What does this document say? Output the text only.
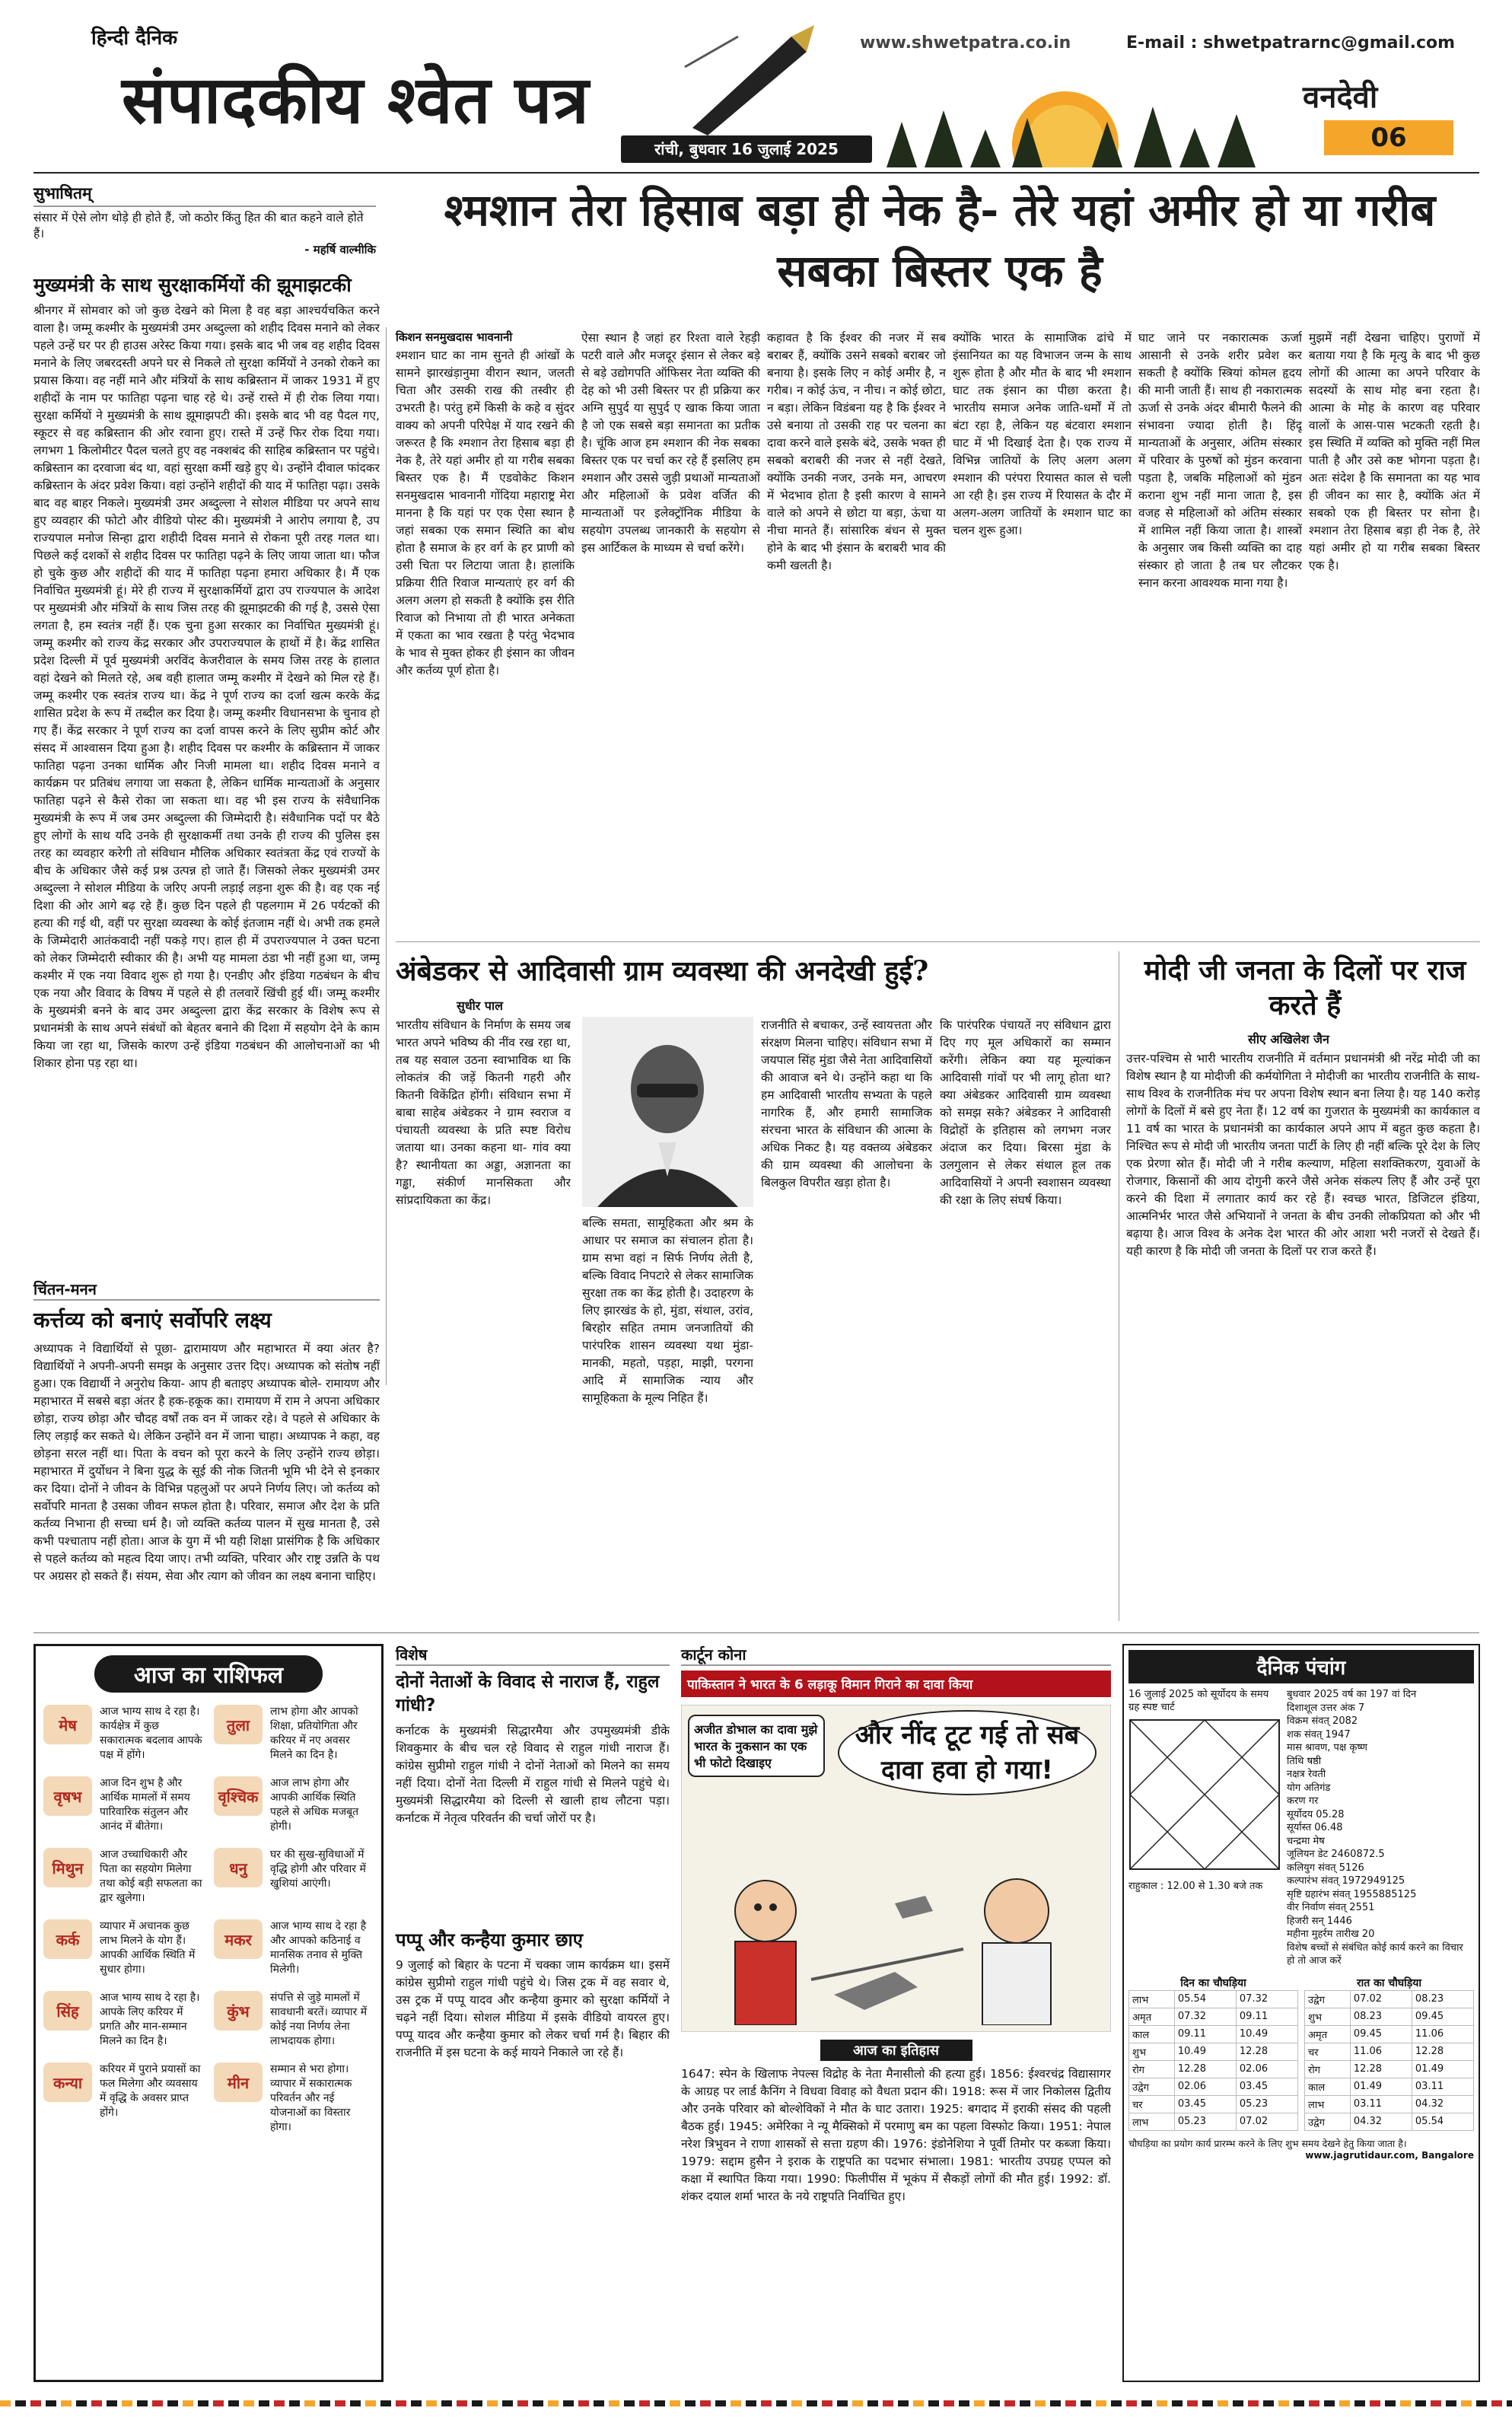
हिन्दी दैनिक
संपादकीय श्वेत पत्र
रांची, बुधवार 16 जुलाई 2025
www.shwetpatra.co.in	E-mail : shwetpatrarnc@gmail.com
वनदेवी
06
सुभाषितम्
संसार में ऐसे लोग थोड़े ही होते हैं, जो कठोर किंतु हित की बात कहने वाले होते हैं।
- महर्षि वाल्मीकि
श्मशान तेरा हिसाब बड़ा ही नेक है- तेरे यहां अमीर हो या गरीब सबका बिस्तर एक है
मुख्यमंत्री के साथ सुरक्षाकर्मियों की झूमाझटकी
श्रीनगर में सोमवार को जो कुछ देखने को मिला है वह बड़ा आश्चर्यचकित करने वाला है। जम्मू कश्मीर के मुख्यमंत्री उमर अब्दुल्ला को शहीद दिवस मनाने को लेकर पहले उन्हें घर पर ही हाउस अरेस्ट किया गया। इसके बाद भी जब वह शहीद दिवस मनाने के लिए जबरदस्ती अपने घर से निकले तो सुरक्षा कर्मियों ने उनको रोकने का प्रयास किया। वह नहीं माने और मंत्रियों के साथ कब्रिस्तान में जाकर 1931 में हुए शहीदों के नाम पर फातिहा पढ़ना चाह रहे थे। उन्हें रास्ते में ही रोक लिया गया। सुरक्षा कर्मियों ने मुख्यमंत्री के साथ झूमाझपटी की। इसके बाद भी वह पैदल गए, स्कूटर से वह कब्रिस्तान की ओर रवाना हुए। रास्ते में उन्हें फिर रोक दिया गया। लगभग 1 किलोमीटर पैदल चलते हुए वह नक्शबंद की साहिब कब्रिस्तान पर पहुंचे। कब्रिस्तान का दरवाजा बंद था, वहां सुरक्षा कर्मी खड़े हुए थे। उन्होंने दीवाल फांदकर कब्रिस्तान के अंदर प्रवेश किया। वहां उन्होंने शहीदों की याद में फातिहा पढ़ा। उसके बाद वह बाहर निकले। मुख्यमंत्री उमर अब्दुल्ला ने सोशल मीडिया पर अपने साथ हुए व्यवहार की फोटो और वीडियो पोस्ट की। मुख्यमंत्री ने आरोप लगाया है, उप राज्यपाल मनोज सिन्हा द्वारा शहीदी दिवस मनाने से रोकना पूरी तरह गलत था। पिछले कई दशकों से शहीद दिवस पर फातिहा पढ़ने के लिए जाया जाता था। फौज हो चुके कुछ और शहीदों की याद में फातिहा पढ़ना हमारा अधिकार है। मैं एक निर्वाचित मुख्यमंत्री हूं। मेरे ही राज्य में सुरक्षाकर्मियों द्वारा उप राज्यपाल के आदेश पर मुख्यमंत्री और मंत्रियों के साथ जिस तरह की झूमाझटकी की गई है, उससे ऐसा लगता है, हम स्वतंत्र नहीं हैं। एक चुना हुआ सरकार का निर्वाचित मुख्यमंत्री हूं। जम्मू कश्मीर को राज्य केंद्र सरकार और उपराज्यपाल के हाथों में है। केंद्र शासित प्रदेश दिल्ली में पूर्व मुख्यमंत्री अरविंद केजरीवाल के समय जिस तरह के हालात वहां देखने को मिलते रहे, अब वही हालात जम्मू कश्मीर में देखने को मिल रहे हैं। जम्मू कश्मीर एक स्वतंत्र राज्य था। केंद्र ने पूर्ण राज्य का दर्जा खत्म करके केंद्र शासित प्रदेश के रूप में तब्दील कर दिया है। जम्मू कश्मीर विधानसभा के चुनाव हो गए हैं। केंद्र सरकार ने पूर्ण राज्य का दर्जा वापस करने के लिए सुप्रीम कोर्ट और संसद में आश्वासन दिया हुआ है। शहीद दिवस पर कश्मीर के कब्रिस्तान में जाकर फातिहा पढ़ना उनका धार्मिक और निजी मामला था। शहीद दिवस मनाने व कार्यक्रम पर प्रतिबंध लगाया जा सकता है, लेकिन धार्मिक मान्यताओं के अनुसार फातिहा पढ़ने से कैसे रोका जा सकता था। वह भी इस राज्य के संवैधानिक मुख्यमंत्री के रूप में जब उमर अब्दुल्ला की जिम्मेदारी है। संवैधानिक पदों पर बैठे हुए लोगों के साथ यदि उनके ही सुरक्षाकर्मी तथा उनके ही राज्य की पुलिस इस तरह का व्यवहार करेगी तो संविधान मौलिक अधिकार स्वतंत्रता केंद्र एवं राज्यों के बीच के अधिकार जैसे कई प्रश्न उत्पन्न हो जाते हैं। जिसको लेकर मुख्यमंत्री उमर अब्दुल्ला ने सोशल मीडिया के जरिए अपनी लड़ाई लड़ना शुरू की है। वह एक नई दिशा की ओर आगे बढ़ रहे हैं। कुछ दिन पहले ही पहलगाम में 26 पर्यटकों की हत्या की गई थी, वहीं पर सुरक्षा व्यवस्था के कोई इंतजाम नहीं थे। अभी तक हमले के जिम्मेदारी आतंकवादी नहीं पकड़े गए। हाल ही में उपराज्यपाल ने उक्त घटना को लेकर जिम्मेदारी स्वीकार की है। अभी यह मामला ठंडा भी नहीं हुआ था, जम्मू कश्मीर में एक नया विवाद शुरू हो गया है। एनडीए और इंडिया गठबंधन के बीच एक नया और विवाद के विषय में पहले से ही तलवारें खिंची हुई थीं। जम्मू कश्मीर के मुख्यमंत्री बनने के बाद उमर अब्दुल्ला द्वारा केंद्र सरकार के विशेष रूप से प्रधानमंत्री के साथ अपने संबंधों को बेहतर बनाने की दिशा में सहयोग देने के काम किया जा रहा था, जिसके कारण उन्हें इंडिया गठबंधन की आलोचनाओं का भी शिकार होना पड़ रहा था।
किशन सनमुखदास भावनानी
श्मशान घाट का नाम सुनते ही आंखों के सामने झारखंड़ानुमा वीरान स्थान, जलती चिता और उसकी राख की तस्वीर ही उभरती है। परंतु हमें किसी के कहे व सुंदर वाक्य को अपनी परिपेक्ष में याद रखने की जरूरत है कि श्मशान तेरा हिसाब बड़ा ही नेक है, तेरे यहां अमीर हो या गरीब सबका बिस्तर एक है। मैं एडवोकेट किशन सनमुखदास भावनानी गोंदिया महाराष्ट्र मेरा मानना है कि यहां पर एक ऐसा स्थान है जहां सबका एक समान स्थिति का बोध होता है समाज के हर वर्ग के हर प्राणी को उसी चिता पर लिटाया जाता है। हालांकि प्रक्रिया रीति रिवाज मान्यताएं हर वर्ग की अलग अलग हो सकती है क्योंकि इस रीति रिवाज को निभाया तो ही भारत अनेकता में एकता का भाव रखता है परंतु भेदभाव के भाव से मुक्त होकर ही इंसान का जीवन और कर्तव्य पूर्ण होता है।
ऐसा स्थान है जहां हर रिश्ता वाले रेहड़ी पटरी वाले और मजदूर इंसान से लेकर बड़े से बड़े उद्योगपति ऑफिसर नेता व्यक्ति की देह को भी उसी बिस्तर पर ही प्रक्रिया कर अग्नि सुपुर्द या सुपुर्द ए खाक किया जाता है जो एक सबसे बड़ा समानता का प्रतीक है। चूंकि आज हम श्मशान की नेक सबका बिस्तर एक पर चर्चा कर रहे हैं इसलिए हम श्मशान और उससे जुड़ी प्रथाओं मान्यताओं और महिलाओं के प्रवेश वर्जित की मान्यताओं पर इलेक्ट्रॉनिक मीडिया के सहयोग उपलब्ध जानकारी के सहयोग से इस आर्टिकल के माध्यम से चर्चा करेंगे।
कहावत है कि ईश्वर की नजर में सब बराबर हैं, क्योंकि उसने सबको बराबर जो बनाया है। इसके लिए न कोई अमीर है, न गरीब। न कोई ऊंच, न नीच। न कोई छोटा, न बड़ा। लेकिन विडंबना यह है कि ईश्वर ने उसे बनाया तो उसकी राह पर चलना का दावा करने वाले इसके बंदे, उसके भक्त ही सबको बराबरी की नजर से नहीं देखते, क्योंकि उनकी नजर, उनके मन, आचरण में भेदभाव होता है इसी कारण वे सामने वाले को अपने से छोटा या बड़ा, ऊंचा या नीचा मानते हैं। सांसारिक बंधन से मुक्त होने के बाद भी इंसान के बराबरी भाव की कमी खलती है।
क्योंकि भारत के सामाजिक ढांचे में इंसानियत का यह विभाजन जन्म के साथ शुरू होता है और मौत के बाद भी श्मशान घाट तक इंसान का पीछा करता है। भारतीय समाज अनेक जाति-धर्मों में तो बंटा रहा है, लेकिन यह बंटवारा श्मशान घाट में भी दिखाई देता है। एक राज्य में विभिन्न जातियों के लिए अलग अलग श्मशान की परंपरा रियासत काल से चली आ रही है। इस राज्य में रियासत के दौर में अलग-अलग जातियों के श्मशान घाट का चलन शुरू हुआ।
घाट जाने पर नकारात्मक ऊर्जा आसानी से उनके शरीर प्रवेश कर सकती है क्योंकि स्त्रियां कोमल हृदय की मानी जाती हैं। साथ ही नकारात्मक ऊर्जा से उनके अंदर बीमारी फैलने की संभावना ज्यादा होती है। हिंदू मान्यताओं के अनुसार, अंतिम संस्कार में परिवार के पुरुषों को मुंडन करवाना पड़ता है, जबकि महिलाओं को मुंडन कराना शुभ नहीं माना जाता है, इस वजह से महिलाओं को अंतिम संस्कार में शामिल नहीं किया जाता है। शास्त्रों के अनुसार जब किसी व्यक्ति का दाह संस्कार हो जाता है तब घर लौटकर स्नान करना आवश्यक माना गया है।
मुझमें नहीं देखना चाहिए। पुराणों में बताया गया है कि मृत्यु के बाद भी कुछ लोगों की आत्मा का अपने परिवार के सदस्यों के साथ मोह बना रहता है। आत्मा के मोह के कारण वह परिवार वालों के आस-पास भटकती रहती है। इस स्थिति में व्यक्ति को मुक्ति नहीं मिल पाती है और उसे कष्ट भोगना पड़ता है। अतः संदेश है कि समानता का यह भाव ही जीवन का सार है, क्योंकि अंत में सबको एक ही बिस्तर पर सोना है। श्मशान तेरा हिसाब बड़ा ही नेक है, तेरे यहां अमीर हो या गरीब सबका बिस्तर एक है।
अंबेडकर से आदिवासी ग्राम व्यवस्था की अनदेखी हुई?
सुधीर पाल
भारतीय संविधान के निर्माण के समय जब भारत अपने भविष्य की नींव रख रहा था, तब यह सवाल उठना स्वाभाविक था कि लोकतंत्र की जड़ें कितनी गहरी और कितनी विकेंद्रित होंगी। संविधान सभा में बाबा साहेब अंबेडकर ने ग्राम स्वराज व पंचायती व्यवस्था के प्रति स्पष्ट विरोध जताया था। उनका कहना था- गांव क्या है? स्थानीयता का अड्डा, अज्ञानता का गड्ढा, संकीर्ण मानसिकता और सांप्रदायिकता का केंद्र।
बल्कि समता, सामूहिकता और श्रम के आधार पर समाज का संचालन होता है। ग्राम सभा वहां न सिर्फ निर्णय लेती है, बल्कि विवाद निपटारे से लेकर सामाजिक सुरक्षा तक का केंद्र होती है। उदाहरण के लिए झारखंड के हो, मुंडा, संथाल, उरांव, बिरहोर सहित तमाम जनजातियों की पारंपरिक शासन व्यवस्था यथा मुंडा-मानकी, महतो, पड़हा, माझी, परगना आदि में सामाजिक न्याय और सामूहिकता के मूल्य निहित हैं।
राजनीति से बचाकर, उन्हें स्वायत्तता और संरक्षण मिलना चाहिए। संविधान सभा में जयपाल सिंह मुंडा जैसे नेता आदिवासियों की आवाज बने थे। उन्होंने कहा था कि हम आदिवासी भारतीय सभ्यता के पहले नागरिक हैं, और हमारी सामाजिक संरचना भारत के संविधान की आत्मा के अधिक निकट है। यह वक्तव्य अंबेडकर की ग्राम व्यवस्था की आलोचना के बिलकुल विपरीत खड़ा होता है।
कि पारंपरिक पंचायतें नए संविधान द्वारा दिए गए मूल अधिकारों का सम्मान करेंगी। लेकिन क्या यह मूल्यांकन आदिवासी गांवों पर भी लागू होता था? क्या अंबेडकर आदिवासी ग्राम व्यवस्था को समझ सके? अंबेडकर ने आदिवासी विद्रोहों के इतिहास को लगभग नजर अंदाज कर दिया। बिरसा मुंडा के उलगुलान से लेकर संथाल हूल तक आदिवासियों ने अपनी स्वशासन व्यवस्था की रक्षा के लिए संघर्ष किया।
मोदी जी जनता के दिलों पर राज करते हैं
सीए अखिलेश जैन
उत्तर-पश्चिम से भारी भारतीय राजनीति में वर्तमान प्रधानमंत्री श्री नरेंद्र मोदी जी का विशेष स्थान है या मोदीजी की कर्मयोगिता ने मोदीजी का भारतीय राजनीति के साथ-साथ विश्व के राजनीतिक मंच पर अपना विशेष स्थान बना लिया है। यह 140 करोड़ लोगों के दिलों में बसे हुए नेता हैं। 12 वर्ष का गुजरात के मुख्यमंत्री का कार्यकाल व 11 वर्ष का भारत के प्रधानमंत्री का कार्यकाल अपने आप में बहुत कुछ कहता है। निश्चित रूप से मोदी जी भारतीय जनता पार्टी के लिए ही नहीं बल्कि पूरे देश के लिए एक प्रेरणा स्रोत हैं। मोदी जी ने गरीब कल्याण, महिला सशक्तिकरण, युवाओं के रोजगार, किसानों की आय दोगुनी करने जैसे अनेक संकल्प लिए हैं और उन्हें पूरा करने की दिशा में लगातार कार्य कर रहे हैं। स्वच्छ भारत, डिजिटल इंडिया, आत्मनिर्भर भारत जैसे अभियानों ने जनता के बीच उनकी लोकप्रियता को और भी बढ़ाया है। आज विश्व के अनेक देश भारत की ओर आशा भरी नजरों से देखते हैं। यही कारण है कि मोदी जी जनता के दिलों पर राज करते हैं।
चिंतन-मनन
कर्त्तव्य को बनाएं सर्वोपरि लक्ष्य
अध्यापक ने विद्यार्थियों से पूछा- द्वारामायण और महाभारत में क्या अंतर है? विद्यार्थियों ने अपनी-अपनी समझ के अनुसार उत्तर दिए। अध्यापक को संतोष नहीं हुआ। एक विद्यार्थी ने अनुरोध किया- आप ही बताइए अध्यापक बोले- रामायण और महाभारत में सबसे बड़ा अंतर है हक-हकूक का। रामायण में राम ने अपना अधिकार छोड़ा, राज्य छोड़ा और चौदह वर्षों तक वन में जाकर रहे। वे पहले से अधिकार के लिए लड़ाई कर सकते थे। लेकिन उन्होंने वन में जाना चाहा। अध्यापक ने कहा, वह छोड़ना सरल नहीं था। पिता के वचन को पूरा करने के लिए उन्होंने राज्य छोड़ा। महाभारत में दुर्योधन ने बिना युद्ध के सूई की नोक जितनी भूमि भी देने से इनकार कर दिया। दोनों ने जीवन के विभिन्न पहलुओं पर अपने निर्णय लिए। जो कर्तव्य को सर्वोपरि मानता है उसका जीवन सफल होता है। परिवार, समाज और देश के प्रति कर्तव्य निभाना ही सच्चा धर्म है। जो व्यक्ति कर्तव्य पालन में सुख मानता है, उसे कभी पश्चाताप नहीं होता। आज के युग में भी यही शिक्षा प्रासंगिक है कि अधिकार से पहले कर्तव्य को महत्व दिया जाए। तभी व्यक्ति, परिवार और राष्ट्र उन्नति के पथ पर अग्रसर हो सकते हैं। संयम, सेवा और त्याग को जीवन का लक्ष्य बनाना चाहिए।
आज का राशिफल
मेष
आज भाग्य साथ दे रहा है। कार्यक्षेत्र में कुछ सकारात्मक बदलाव आपके पक्ष में होंगे।
तुला
लाभ होगा और आपको शिक्षा, प्रतियोगिता और करियर में नए अवसर मिलने का दिन है।
वृषभ
आज दिन शुभ है और आर्थिक मामलों में समय पारिवारिक संतुलन और आनंद में बीतेगा।
वृश्चिक
आज लाभ होगा और आपकी आर्थिक स्थिति पहले से अधिक मजबूत होगी।
मिथुन
आज उच्चाधिकारी और पिता का सहयोग मिलेगा तथा कोई बड़ी सफलता का द्वार खुलेगा।
धनु
घर की सुख-सुविधाओं में वृद्धि होगी और परिवार में खुशियां आएंगी।
कर्क
व्यापार में अचानक कुछ लाभ मिलने के योग हैं। आपकी आर्थिक स्थिति में सुधार होगा।
मकर
आज भाग्य साथ दे रहा है और आपको कठिनाई व मानसिक तनाव से मुक्ति मिलेगी।
सिंह
आज भाग्य साथ दे रहा है। आपके लिए करियर में प्रगति और मान-सम्मान मिलने का दिन है।
कुंभ
संपत्ति से जुड़े मामलों में सावधानी बरतें। व्यापार में कोई नया निर्णय लेना लाभदायक होगा।
कन्या
करियर में पुराने प्रयासों का फल मिलेगा और व्यवसाय में वृद्धि के अवसर प्राप्त होंगे।
मीन
सम्मान से भरा होगा। व्यापार में सकारात्मक परिवर्तन और नई योजनाओं का विस्तार होगा।
विशेष
दोनों नेताओं के विवाद से नाराज हैं, राहुल गांधी?
कर्नाटक के मुख्यमंत्री सिद्धारमैया और उपमुख्यमंत्री डीके शिवकुमार के बीच चल रहे विवाद से राहुल गांधी नाराज हैं। कांग्रेस सुप्रीमो राहुल गांधी ने दोनों नेताओं को मिलने का समय नहीं दिया। दोनों नेता दिल्ली में राहुल गांधी से मिलने पहुंचे थे। मुख्यमंत्री सिद्धारमैया को दिल्ली से खाली हाथ लौटना पड़ा। कर्नाटक में नेतृत्व परिवर्तन की चर्चा जोरों पर है।
पप्पू और कन्हैया कुमार छाए
9 जुलाई को बिहार के पटना में चक्का जाम कार्यक्रम था। इसमें कांग्रेस सुप्रीमो राहुल गांधी पहुंचे थे। जिस ट्रक में वह सवार थे, उस ट्रक में पप्पू यादव और कन्हैया कुमार को सुरक्षा कर्मियों ने चढ़ने नहीं दिया। सोशल मीडिया में इसके वीडियो वायरल हुए। पप्पू यादव और कन्हैया कुमार को लेकर चर्चा गर्म है। बिहार की राजनीति में इस घटना के कई मायने निकाले जा रहे हैं।
कार्टून कोना
पाकिस्तान ने भारत के 6 लड़ाकू विमान गिराने का दावा किया
अजीत डोभाल का दावा मुझे भारत के नुकसान का एक भी फोटो दिखाइए
और नींद टूट गई तो सब दावा हवा हो गया!
आज का इतिहास
1647: स्पेन के खिलाफ नेपल्स विद्रोह के नेता मैनासीलो की हत्या हुई। 1856: ईश्वरचंद्र विद्यासागर के आग्रह पर लार्ड कैनिंग ने विधवा विवाह को वैधता प्रदान की। 1918: रूस में जार निकोलस द्वितीय और उनके परिवार को बोल्शेविकों ने मौत के घाट उतारा। 1925: बगदाद में इराकी संसद की पहली बैठक हुई। 1945: अमेरिका ने न्यू मैक्सिको में परमाणु बम का पहला विस्फोट किया। 1951: नेपाल नरेश त्रिभुवन ने राणा शासकों से सत्ता ग्रहण की। 1976: इंडोनेशिया ने पूर्वी तिमोर पर कब्जा किया। 1979: सद्दाम हुसैन ने इराक के राष्ट्रपति का पदभार संभाला। 1981: भारतीय उपग्रह एप्पल को कक्षा में स्थापित किया गया। 1990: फिलीपींस में भूकंप में सैकड़ों लोगों की मौत हुई। 1992: डॉ. शंकर दयाल शर्मा भारत के नये राष्ट्रपति निर्वाचित हुए।
दैनिक पंचांग
16 जुलाई 2025 को सूर्योदय के समय ग्रह स्पष्ट चार्ट
राहुकाल : 12.00 से 1.30 बजे तक
बुधवार 2025 वर्ष का 197 वां दिन
दिशाशूल उत्तर अंक 7
विक्रम संवत् 2082
शक संवत् 1947
मास श्रावण, पक्ष कृष्ण
तिथि षष्ठी
नक्षत्र रेवती
योग अतिगंड
करण गर
सूर्योदय 05.28
सूर्यास्त 06.48
चन्द्रमा मेष
जूलियन डेट 2460872.5
कलियुग संवत् 5126
कल्पारंभ संवत् 1972949125
सृष्टि ग्रहारंभ संवत् 1955885125
वीर निर्वाण संवत् 2551
हिजरी सन् 1446
महीना मुहर्रम तारीख 20
विशेष बच्चों से संबंधित कोई कार्य करने का विचार हो तो आज करें
दिन का चौघड़िया
लाभ	05.54	07.32
अमृत	07.32	09.11
काल	09.11	10.49
शुभ	10.49	12.28
रोग	12.28	02.06
उद्वेग	02.06	03.45
चर	03.45	05.23
लाभ	05.23	07.02
रात का चौघड़िया
उद्वेग	07.02	08.23
शुभ	08.23	09.45
अमृत	09.45	11.06
चर	11.06	12.28
रोग	12.28	01.49
काल	01.49	03.11
लाभ	03.11	04.32
उद्वेग	04.32	05.54
चौघड़िया का प्रयोग कार्य प्रारम्भ करने के लिए शुभ समय देखने हेतु किया जाता है।
www.jagrutidaur.com, Bangalore
